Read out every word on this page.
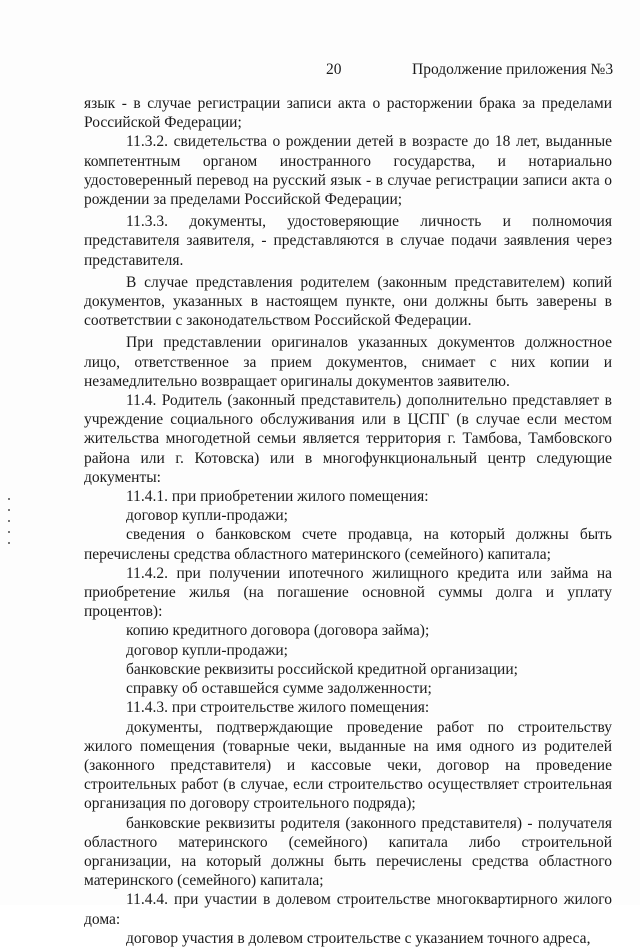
20	Продолжение приложения №3

язык - в случае регистрации записи акта о расторжении брака за пределами Российской Федерации;

11.3.2. свидетельства о рождении детей в возрасте до 18 лет, выданные компетентным органом иностранного государства, и нотариально удостоверенный перевод на русский язык - в случае регистрации записи акта о рождении за пределами Российской Федерации;

11.3.3. документы, удостоверяющие личность и полномочия представителя заявителя, - представляются в случае подачи заявления через представителя.

В случае представления родителем (законным представителем) копий документов, указанных в настоящем пункте, они должны быть заверены в соответствии с законодательством Российской Федерации.

При представлении оригиналов указанных документов должностное лицо, ответственное за прием документов, снимает с них копии и незамедлительно возвращает оригиналы документов заявителю.

11.4. Родитель (законный представитель) дополнительно представляет в учреждение социального обслуживания или в ЦСПГ (в случае если местом жительства многодетной семьи является территория г. Тамбова, Тамбовского района или г. Котовска) или в многофункциональный центр следующие документы:

11.4.1. при приобретении жилого помещения:

договор купли-продажи;

сведения о банковском счете продавца, на который должны быть перечислены средства областного материнского (семейного) капитала;

11.4.2. при получении ипотечного жилищного кредита или займа на приобретение жилья (на погашение основной суммы долга и уплату процентов):

копию кредитного договора (договора займа);

договор купли-продажи;

банковские реквизиты российской кредитной организации;

справку об оставшейся сумме задолженности;

11.4.3. при строительстве жилого помещения:

документы, подтверждающие проведение работ по строительству жилого помещения (товарные чеки, выданные на имя одного из родителей (законного представителя) и кассовые чеки, договор на проведение строительных работ (в случае, если строительство осуществляет строительная организация по договору строительного подряда);

банковские реквизиты родителя (законного представителя) - получателя областного материнского (семейного) капитала либо строительной организации, на который должны быть перечислены средства областного материнского (семейного) капитала;

11.4.4. при участии в долевом строительстве многоквартирного жилого дома:

договор участия в долевом строительстве с указанием точного адреса,
